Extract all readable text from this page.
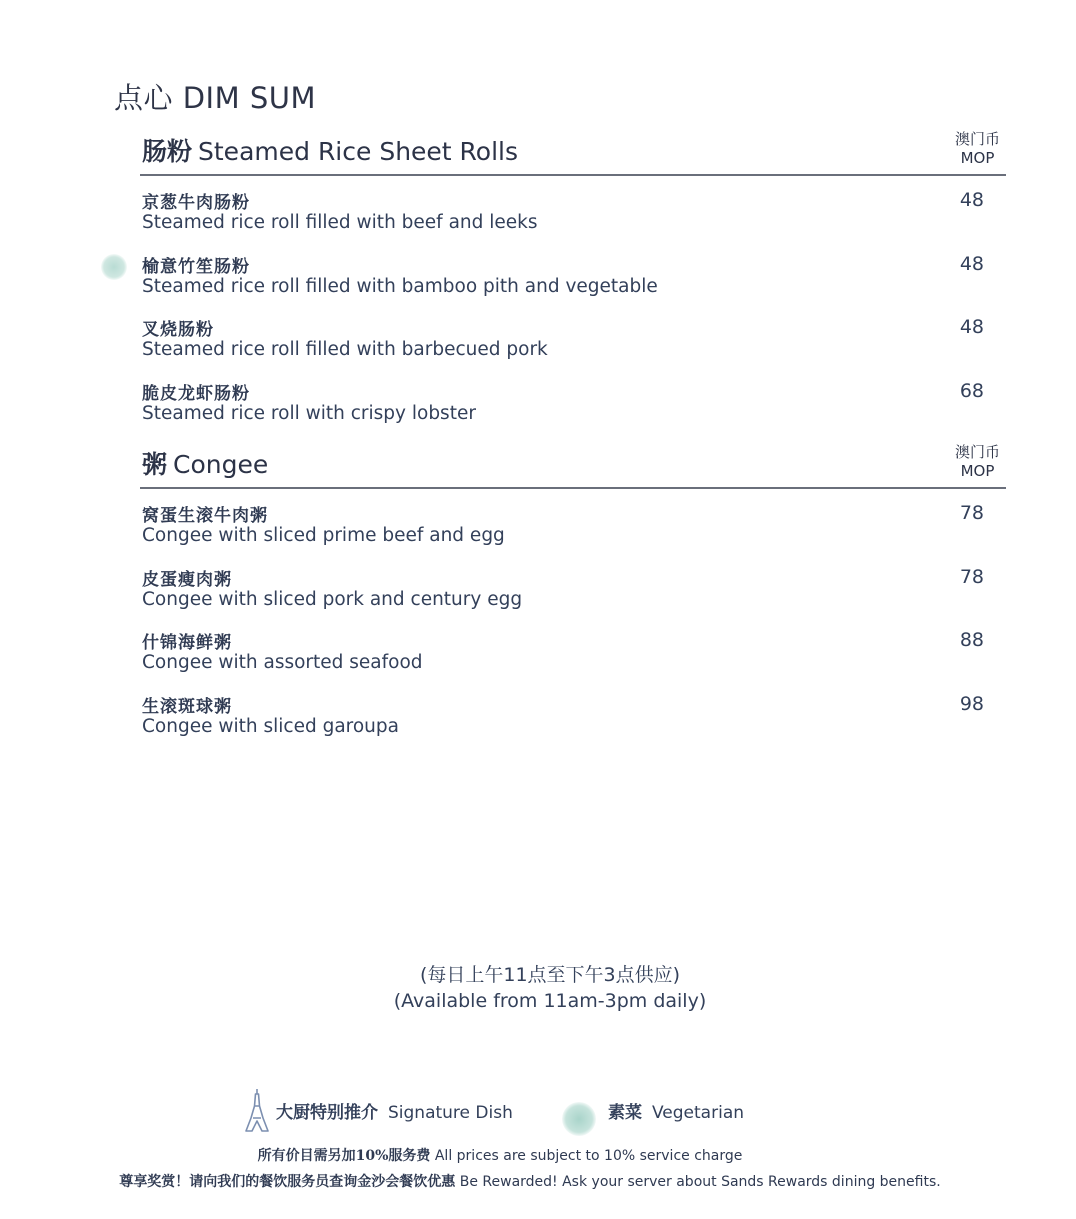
点心 DIM SUM
肠粉 Steamed Rice Sheet Rolls	澳门币
MOP
京葱牛肉肠粉
Steamed rice roll filled with beef and leeks
48
榆意竹笙肠粉
Steamed rice roll filled with bamboo pith and vegetable
48
叉烧肠粉
Steamed rice roll filled with barbecued pork
48
脆皮龙虾肠粉
Steamed rice roll with crispy lobster
68
粥 Congee	澳门币
MOP
窝蛋生滚牛肉粥
Congee with sliced prime beef and egg
78
皮蛋瘦肉粥
Congee with sliced pork and century egg
78
什锦海鲜粥
Congee with assorted seafood
88
生滚斑球粥
Congee with sliced garoupa
98
(每日上午11点至下午3点供应)
(Available from 11am-3pm daily)
大厨特别推介 Signature Dish	素菜 Vegetarian
所有价目需另加10%服务费 All prices are subject to 10% service charge
尊享奖赏！请向我们的餐饮服务员查询金沙会餐饮优惠 Be Rewarded! Ask your server about Sands Rewards dining benefits.
